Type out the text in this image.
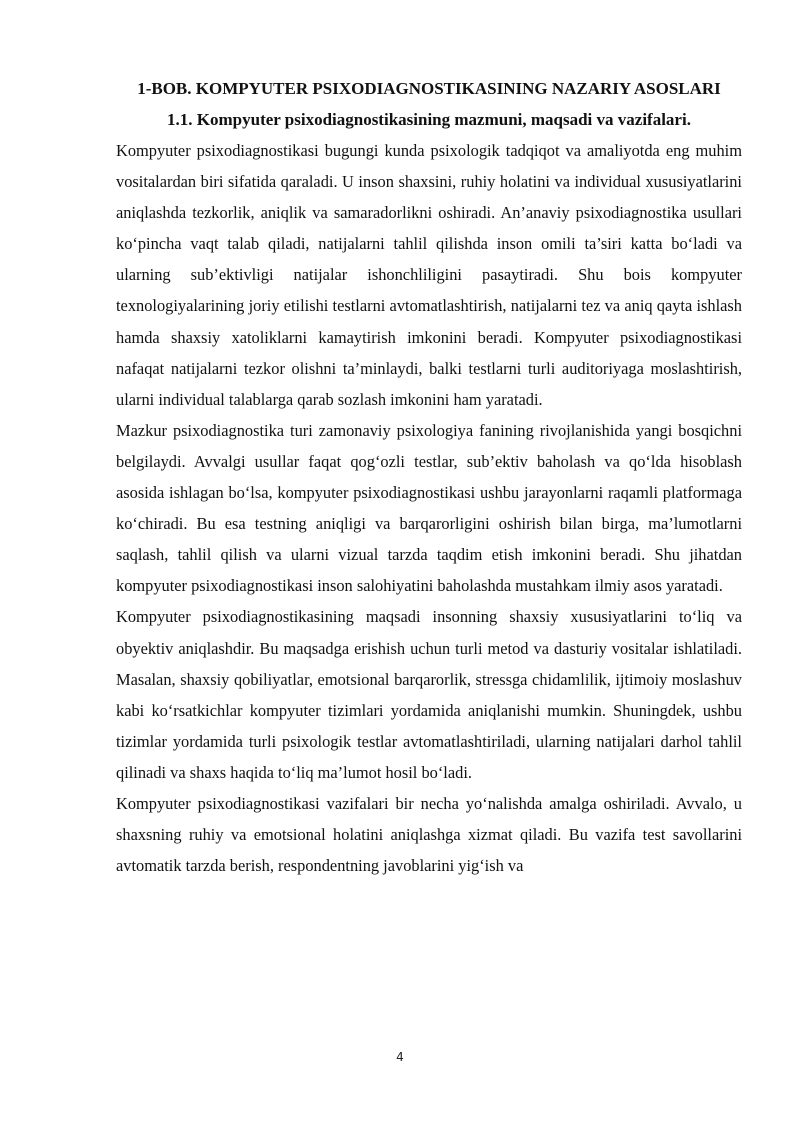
1-BOB. KOMPYUTER PSIXODIAGNOSTIKASINING NAZARIY ASOSLARI
1.1. Kompyuter psixodiagnostikasining mazmuni, maqsadi va vazifalari.

Kompyuter psixodiagnostikasi bugungi kunda psixologik tadqiqot va amaliyotda eng muhim vositalardan biri sifatida qaraladi. U inson shaxsini, ruhiy holatini va individual xususiyatlarini aniqlashda tezkorlik, aniqlik va samaradorlikni oshiradi. An’anaviy psixodiagnostika usullari ko‘pincha vaqt talab qiladi, natijalarni tahlil qilishda inson omili ta’siri katta bo‘ladi va ularning sub’ektivligi natijalar ishonchliligini pasaytiradi. Shu bois kompyuter texnologiyalarining joriy etilishi testlarni avtomatlashtirish, natijalarni tez va aniq qayta ishlash hamda shaxsiy xatoliklarni kamaytirish imkonini beradi. Kompyuter psixodiagnostikasi nafaqat natijalarni tezkor olishni ta’minlaydi, balki testlarni turli auditoriyaga moslashtirish, ularni individual talablarga qarab sozlash imkonini ham yaratadi.

Mazkur psixodiagnostika turi zamonaviy psixologiya fanining rivojlanishida yangi bosqichni belgilaydi. Avvalgi usullar faqat qog‘ozli testlar, sub’ektiv baholash va qo‘lda hisoblash asosida ishlagan bo‘lsa, kompyuter psixodiagnostikasi ushbu jarayonlarni raqamli platformaga ko‘chiradi. Bu esa testning aniqligi va barqarorligini oshirish bilan birga, ma’lumotlarni saqlash, tahlil qilish va ularni vizual tarzda taqdim etish imkonini beradi. Shu jihatdan kompyuter psixodiagnostikasi inson salohiyatini baholashda mustahkam ilmiy asos yaratadi.

Kompyuter psixodiagnostikasining maqsadi insonning shaxsiy xususiyatlarini to‘liq va obyektiv aniqlashdir. Bu maqsadga erishish uchun turli metod va dasturiy vositalar ishlatiladi. Masalan, shaxsiy qobiliyatlar, emotsional barqarorlik, stressga chidamlilik, ijtimoiy moslashuv kabi ko‘rsatkichlar kompyuter tizimlari yordamida aniqlanishi mumkin. Shuningdek, ushbu tizimlar yordamida turli psixologik testlar avtomatlashtiriladi, ularning natijalari darhol tahlil qilinadi va shaxs haqida to‘liq ma’lumot hosil bo‘ladi.

Kompyuter psixodiagnostikasi vazifalari bir necha yo‘nalishda amalga oshiriladi. Avvalo, u shaxsning ruhiy va emotsional holatini aniqlashga xizmat qiladi. Bu vazifa test savollarini avtomatik tarzda berish, respondentning javoblarini yig‘ish va

4
